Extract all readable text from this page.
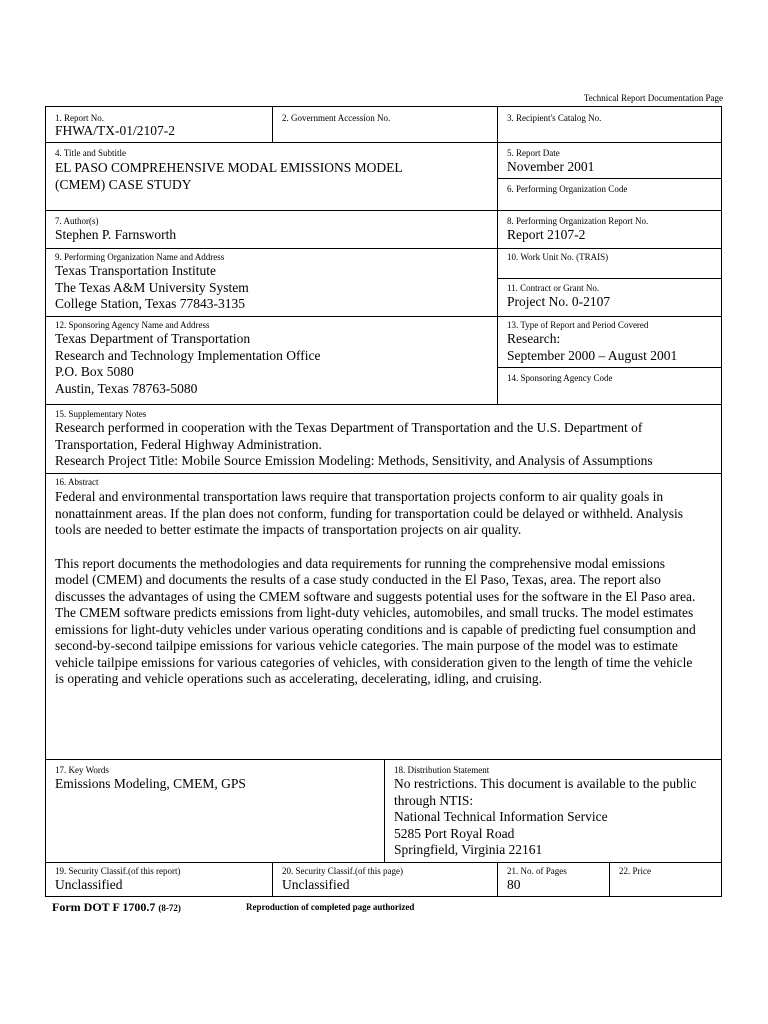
Technical Report Documentation Page
1. Report No.
FHWA/TX-01/2107-2
2. Government Accession No.	3. Recipient's Catalog No.
4. Title and Subtitle
EL PASO COMPREHENSIVE MODAL EMISSIONS MODEL
(CMEM) CASE STUDY
5. Report Date
November 2001
6. Performing Organization Code
7. Author(s)
Stephen P. Farnsworth
8. Performing Organization Report No.
Report 2107-2
9. Performing Organization Name and Address
Texas Transportation Institute
The Texas A&M University System
College Station, Texas 77843-3135
10. Work Unit No. (TRAIS)
11. Contract or Grant No.
Project No. 0-2107
12. Sponsoring Agency Name and Address
Texas Department of Transportation
Research and Technology Implementation Office
P.O. Box 5080
Austin, Texas 78763-5080
13. Type of Report and Period Covered
Research:
September 2000 – August 2001
14. Sponsoring Agency Code
15. Supplementary Notes
Research performed in cooperation with the Texas Department of Transportation and the U.S. Department of
Transportation, Federal Highway Administration.
Research Project Title: Mobile Source Emission Modeling: Methods, Sensitivity, and Analysis of Assumptions
16. Abstract
Federal and environmental transportation laws require that transportation projects conform to air quality goals in
nonattainment areas. If the plan does not conform, funding for transportation could be delayed or withheld. Analysis
tools are needed to better estimate the impacts of transportation projects on air quality.
This report documents the methodologies and data requirements for running the comprehensive modal emissions
model (CMEM) and documents the results of a case study conducted in the El Paso, Texas, area. The report also
discusses the advantages of using the CMEM software and suggests potential uses for the software in the El Paso area.
The CMEM software predicts emissions from light-duty vehicles, automobiles, and small trucks. The model estimates
emissions for light-duty vehicles under various operating conditions and is capable of predicting fuel consumption and
second-by-second tailpipe emissions for various vehicle categories. The main purpose of the model was to estimate
vehicle tailpipe emissions for various categories of vehicles, with consideration given to the length of time the vehicle
is operating and vehicle operations such as accelerating, decelerating, idling, and cruising.
17. Key Words
Emissions Modeling, CMEM, GPS
18. Distribution Statement
No restrictions. This document is available to the public
through NTIS:
National Technical Information Service
5285 Port Royal Road
Springfield, Virginia 22161
19. Security Classif.(of this report)
Unclassified
20. Security Classif.(of this page)
Unclassified
21. No. of Pages
80
22. Price
Form DOT F 1700.7 (8-72)	Reproduction of completed page authorized
